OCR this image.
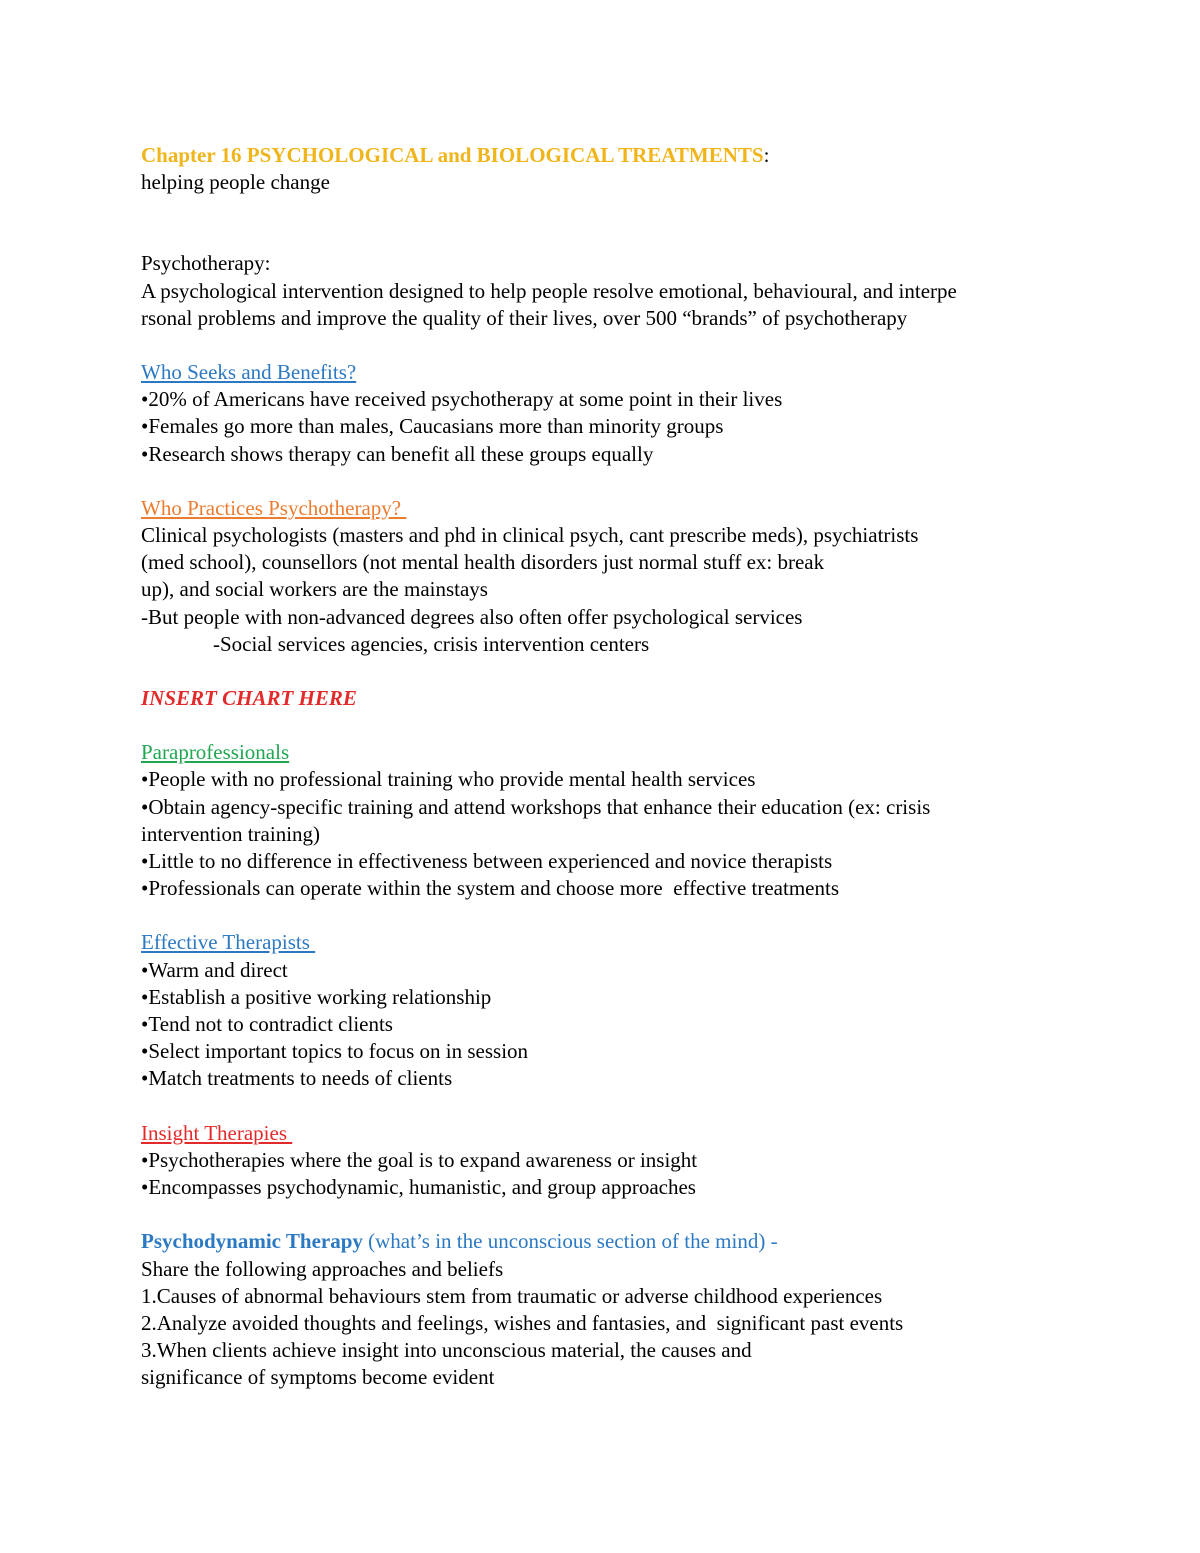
Chapter 16 PSYCHOLOGICAL and BIOLOGICAL TREATMENTS:
helping people change
Psychotherapy:
A psychological intervention designed to help people resolve emotional, behavioural, and interpe
rsonal problems and improve the quality of their lives, over 500 “brands” of psychotherapy
Who Seeks and Benefits?
•20% of Americans have received psychotherapy at some point in their lives
•Females go more than males, Caucasians more than minority groups
•Research shows therapy can benefit all these groups equally
Who Practices Psychotherapy?
Clinical psychologists (masters and phd in clinical psych, cant prescribe meds), psychiatrists
(med school), counsellors (not mental health disorders just normal stuff ex: break
up), and social workers are the mainstays
-But people with non-advanced degrees also often offer psychological services
-Social services agencies, crisis intervention centers
INSERT CHART HERE
Paraprofessionals
•People with no professional training who provide mental health services
•Obtain agency-specific training and attend workshops that enhance their education (ex: crisis
intervention training)
•Little to no difference in effectiveness between experienced and novice therapists
•Professionals can operate within the system and choose more  effective treatments
Effective Therapists
•Warm and direct
•Establish a positive working relationship
•Tend not to contradict clients
•Select important topics to focus on in session
•Match treatments to needs of clients
Insight Therapies
•Psychotherapies where the goal is to expand awareness or insight
•Encompasses psychodynamic, humanistic, and group approaches
Psychodynamic Therapy (what’s in the unconscious section of the mind) -
Share the following approaches and beliefs
1.Causes of abnormal behaviours stem from traumatic or adverse childhood experiences
2.Analyze avoided thoughts and feelings, wishes and fantasies, and  significant past events
3.When clients achieve insight into unconscious material, the causes and
significance of symptoms become evident
